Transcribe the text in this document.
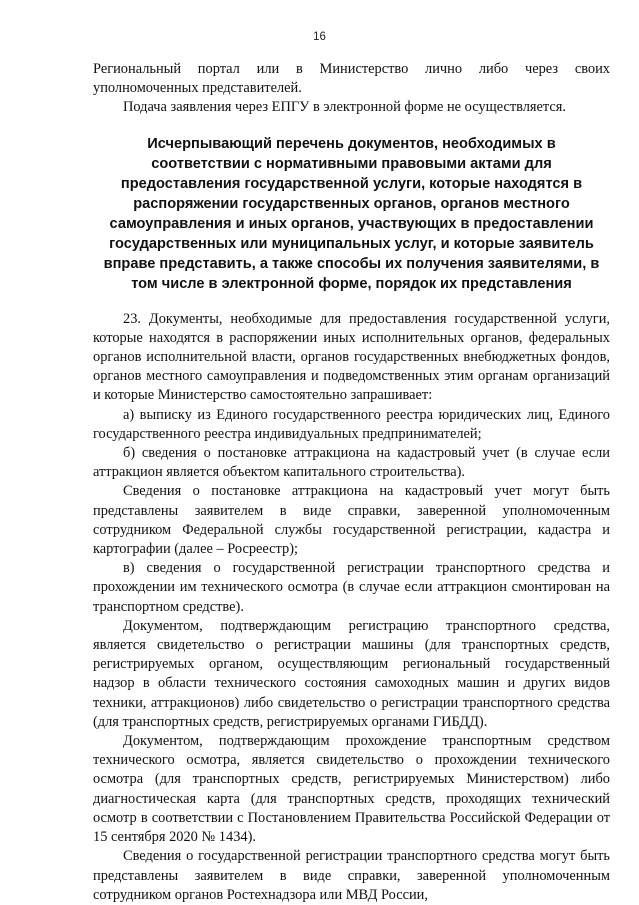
16

Региональный портал или в Министерство лично либо через своих уполномоченных представителей.

Подача заявления через ЕПГУ в электронной форме не осуществляется.

Исчерпывающий перечень документов, необходимых в соответствии с нормативными правовыми актами для предоставления государственной услуги, которые находятся в распоряжении государственных органов, органов местного самоуправления и иных органов, участвующих в предоставлении государственных или муниципальных услуг, и которые заявитель вправе представить, а также способы их получения заявителями, в том числе в электронной форме, порядок их представления

23. Документы, необходимые для предоставления государственной услуги, которые находятся в распоряжении иных исполнительных органов, федеральных органов исполнительной власти, органов государственных внебюджетных фондов, органов местного самоуправления и подведомственных этим органам организаций и которые Министерство самостоятельно запрашивает:

а) выписку из Единого государственного реестра юридических лиц, Единого государственного реестра индивидуальных предпринимателей;

б) сведения о постановке аттракциона на кадастровый учет (в случае если аттракцион является объектом капитального строительства).

Сведения о постановке аттракциона на кадастровый учет могут быть представлены заявителем в виде справки, заверенной уполномоченным сотрудником Федеральной службы государственной регистрации, кадастра и картографии (далее – Росреестр);

в) сведения о государственной регистрации транспортного средства и прохождении им технического осмотра (в случае если аттракцион смонтирован на транспортном средстве).

Документом, подтверждающим регистрацию транспортного средства, является свидетельство о регистрации машины (для транспортных средств, регистрируемых органом, осуществляющим региональный государственный надзор в области технического состояния самоходных машин и других видов техники, аттракционов) либо свидетельство о регистрации транспортного средства (для транспортных средств, регистрируемых органами ГИБДД).

Документом, подтверждающим прохождение транспортным средством технического осмотра, является свидетельство о прохождении технического осмотра (для транспортных средств, регистрируемых Министерством) либо диагностическая карта (для транспортных средств, проходящих технический осмотр в соответствии с Постановлением Правительства Российской Федерации от 15 сентября 2020 № 1434).

Сведения о государственной регистрации транспортного средства могут быть представлены заявителем в виде справки, заверенной уполномоченным сотрудником органов Ростехнадзора или МВД России,
